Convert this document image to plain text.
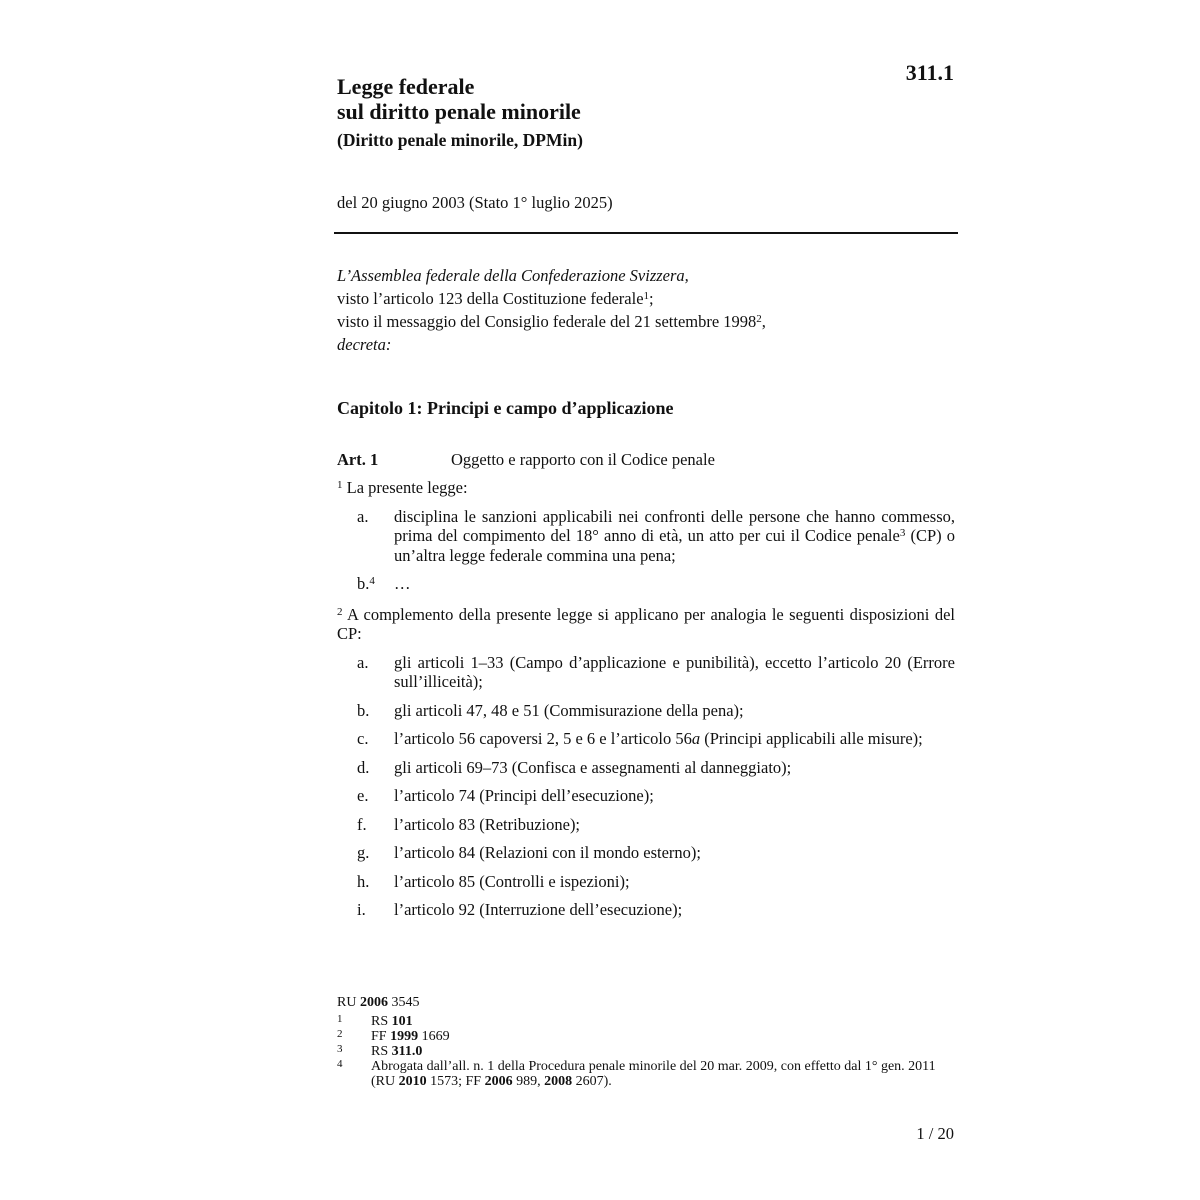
311.1
Legge federale
sul diritto penale minorile
(Diritto penale minorile, DPMin)
del 20 giugno 2003 (Stato 1° luglio 2025)
L’Assemblea federale della Confederazione Svizzera,
visto l’articolo 123 della Costituzione federale$^1$;
visto il messaggio del Consiglio federale del 21 settembre 1998$^2$,
decreta:
Capitolo 1: Principi e campo d’applicazione
Art. 1	Oggetto e rapporto con il Codice penale

$^1$ La presente legge:

a. disciplina le sanzioni applicabili nei confronti delle persone che hanno commesso, prima del compimento del 18° anno di età, un atto per cui il Codice penale$^3$ (CP) o un’altra legge federale commina una pena;
b.$^4$ …

$^2$ A complemento della presente legge si applicano per analogia le seguenti disposizioni del CP:

a. gli articoli 1–33 (Campo d’applicazione e punibilità), eccetto l’articolo 20 (Errore sull’illiceità);
b. gli articoli 47, 48 e 51 (Commisurazione della pena);
c. l’articolo 56 capoversi 2, 5 e 6 e l’articolo 56a (Principi applicabili alle misure);
d. gli articoli 69–73 (Confisca e assegnamenti al danneggiato);
e. l’articolo 74 (Principi dell’esecuzione);
f. l’articolo 83 (Retribuzione);
g. l’articolo 84 (Relazioni con il mondo esterno);
h. l’articolo 85 (Controlli e ispezioni);
i. l’articolo 92 (Interruzione dell’esecuzione);
RU 2006 3545
1 RS 101
2 FF 1999 1669
3 RS 311.0
4 Abrogata dall’all. n. 1 della Procedura penale minorile del 20 mar. 2009, con effetto dal 1° gen. 2011 (RU 2010 1573; FF 2006 989, 2008 2607).
1 / 20
